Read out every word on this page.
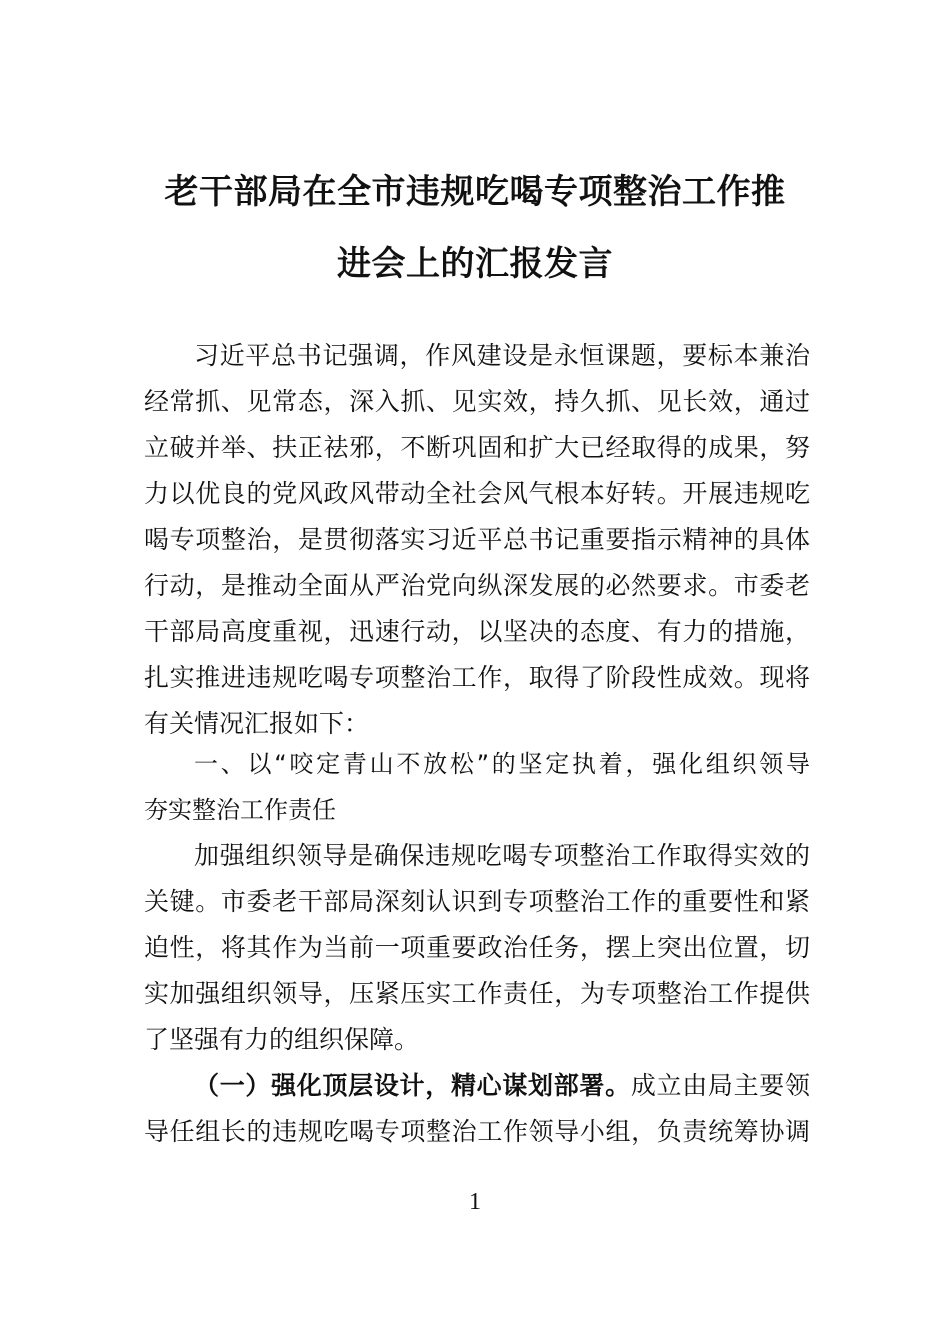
老干部局在全市违规吃喝专项整治工作推
进会上的汇报发言
习近平总书记强调，作风建设是永恒课题，要标本兼治
经常抓、见常态，深入抓、见实效，持久抓、见长效，通过
立破并举、扶正祛邪，不断巩固和扩大已经取得的成果，努
力以优良的党风政风带动全社会风气根本好转。开展违规吃
喝专项整治，是贯彻落实习近平总书记重要指示精神的具体
行动，是推动全面从严治党向纵深发展的必然要求。市委老
干部局高度重视，迅速行动，以坚决的态度、有力的措施，
扎实推进违规吃喝专项整治工作，取得了阶段性成效。现将
有关情况汇报如下：
一、以“咬定青山不放松”的坚定执着，强化组织领导
夯实整治工作责任
加强组织领导是确保违规吃喝专项整治工作取得实效的
关键。市委老干部局深刻认识到专项整治工作的重要性和紧
迫性，将其作为当前一项重要政治任务，摆上突出位置，切
实加强组织领导，压紧压实工作责任，为专项整治工作提供
了坚强有力的组织保障。
（一）强化顶层设计，精心谋划部署。成立由局主要领
导任组长的违规吃喝专项整治工作领导小组，负责统筹协调
1
